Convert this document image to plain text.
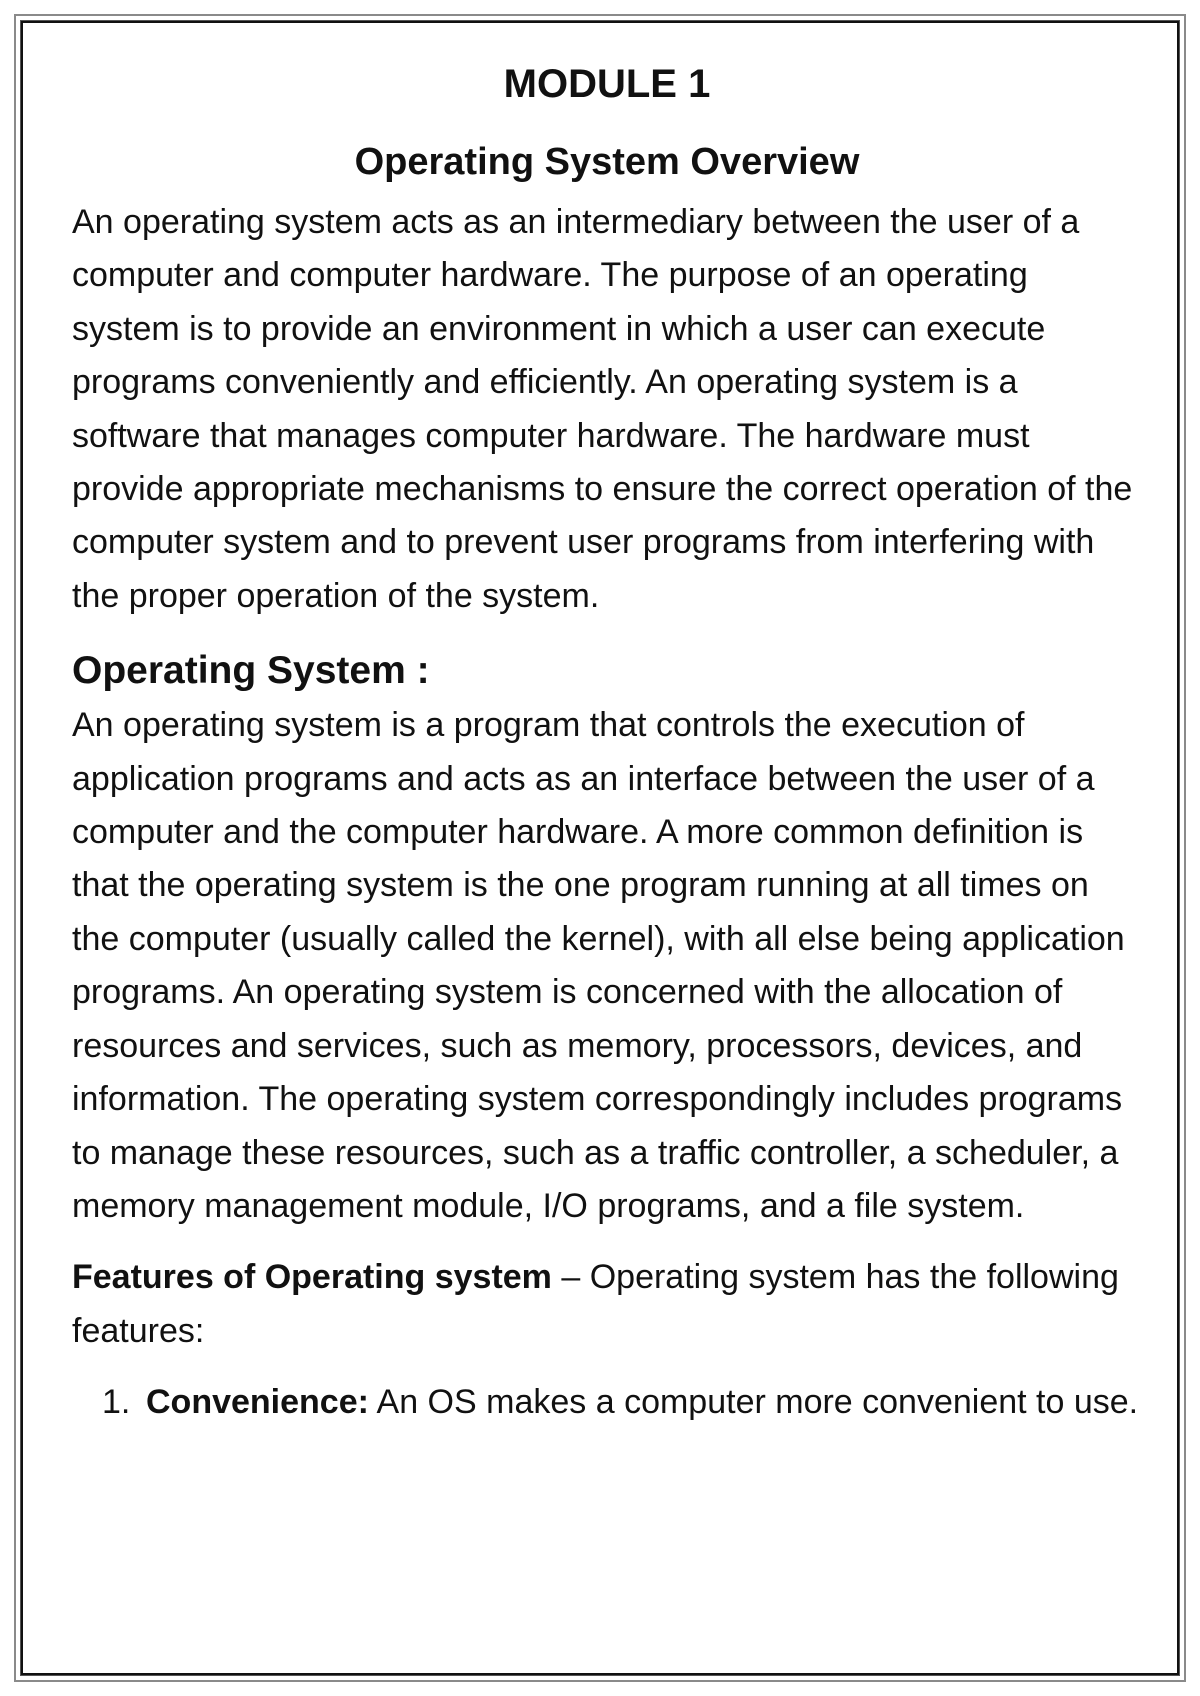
MODULE 1
Operating System Overview

An operating system acts as an intermediary between the user of a computer and computer hardware. The purpose of an operating system is to provide an environment in which a user can execute programs conveniently and efficiently. An operating system is a software that manages computer hardware. The hardware must provide appropriate mechanisms to ensure the correct operation of the computer system and to prevent user programs from interfering with the proper operation of the system.

Operating System :

An operating system is a program that controls the execution of application programs and acts as an interface between the user of a computer and the computer hardware. A more common definition is that the operating system is the one program running at all times on the computer (usually called the kernel), with all else being application programs. An operating system is concerned with the allocation of resources and services, such as memory, processors, devices, and information. The operating system correspondingly includes programs to manage these resources, such as a traffic controller, a scheduler, a memory management module, I/O programs, and a file system.

Features of Operating system – Operating system has the following features:

1. Convenience: An OS makes a computer more convenient to use.
